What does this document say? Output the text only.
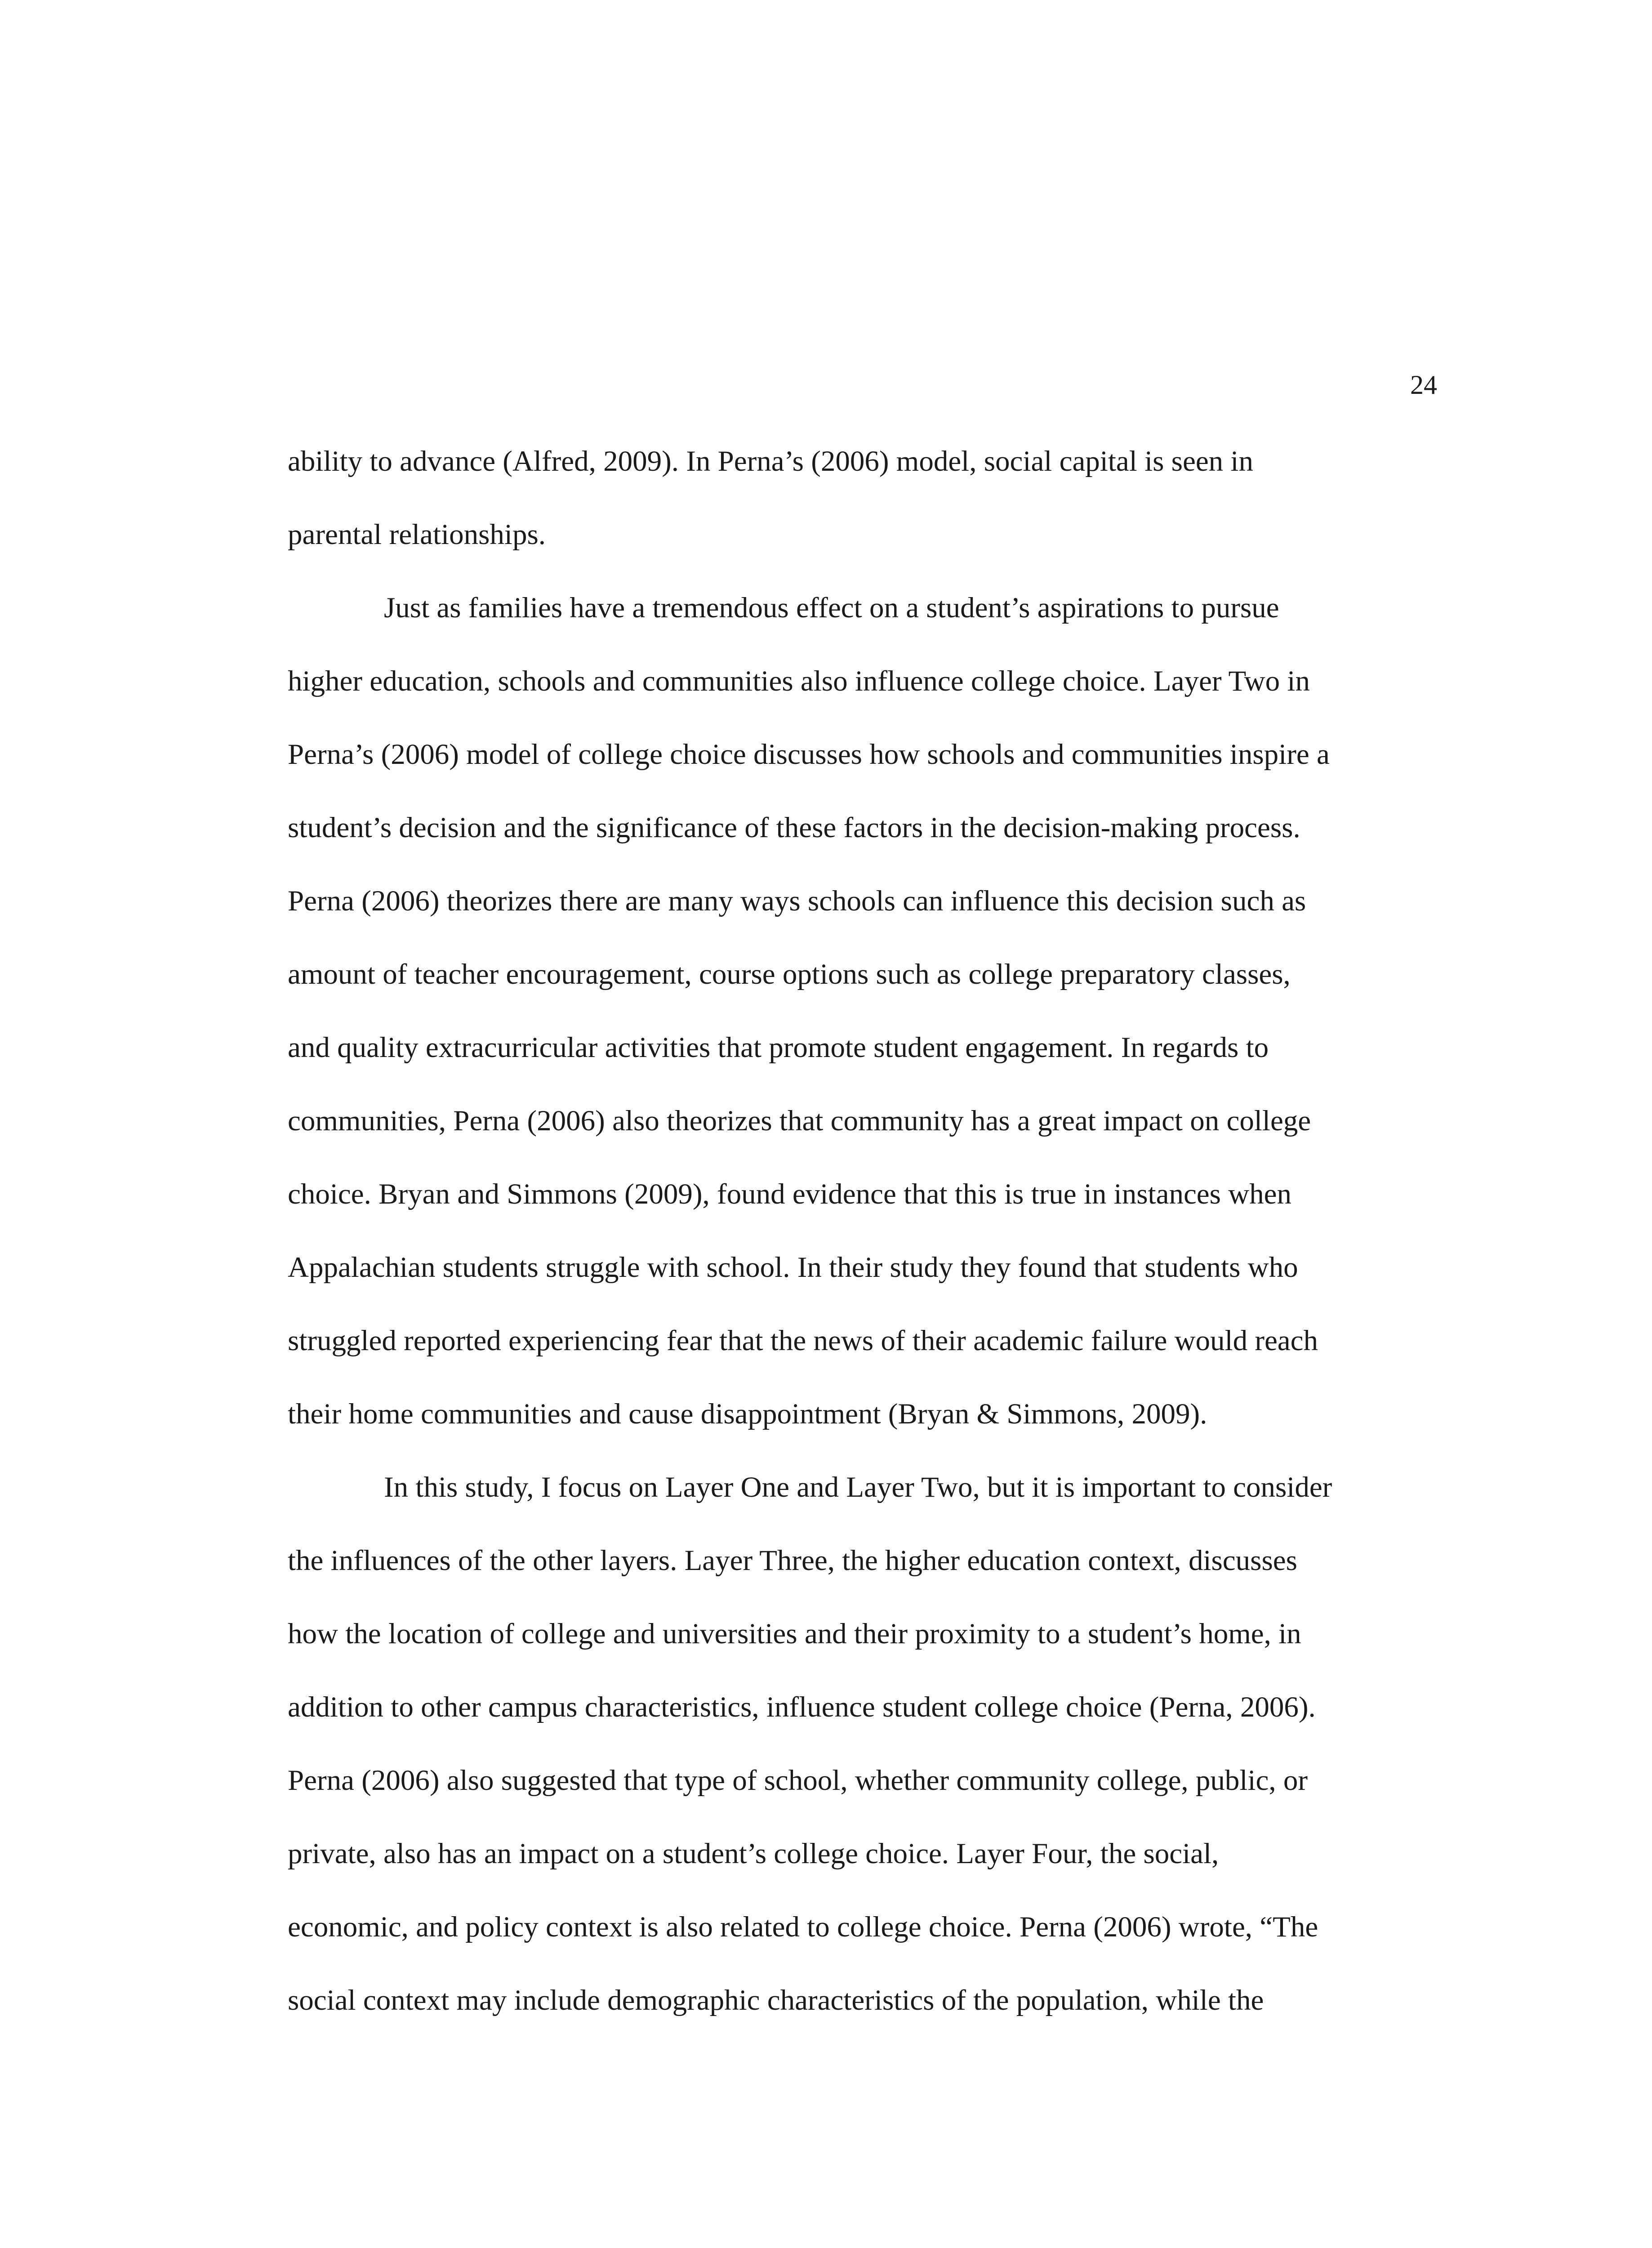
24
ability to advance (Alfred, 2009). In Perna’s (2006) model, social capital is seen in
parental relationships.
Just as families have a tremendous effect on a student’s aspirations to pursue
higher education, schools and communities also influence college choice. Layer Two in
Perna’s (2006) model of college choice discusses how schools and communities inspire a
student’s decision and the significance of these factors in the decision-making process.
Perna (2006) theorizes there are many ways schools can influence this decision such as
amount of teacher encouragement, course options such as college preparatory classes,
and quality extracurricular activities that promote student engagement. In regards to
communities, Perna (2006) also theorizes that community has a great impact on college
choice. Bryan and Simmons (2009), found evidence that this is true in instances when
Appalachian students struggle with school. In their study they found that students who
struggled reported experiencing fear that the news of their academic failure would reach
their home communities and cause disappointment (Bryan & Simmons, 2009).
In this study, I focus on Layer One and Layer Two, but it is important to consider
the influences of the other layers. Layer Three, the higher education context, discusses
how the location of college and universities and their proximity to a student’s home, in
addition to other campus characteristics, influence student college choice (Perna, 2006).
Perna (2006) also suggested that type of school, whether community college, public, or
private, also has an impact on a student’s college choice. Layer Four, the social,
economic, and policy context is also related to college choice. Perna (2006) wrote, “The
social context may include demographic characteristics of the population, while the
